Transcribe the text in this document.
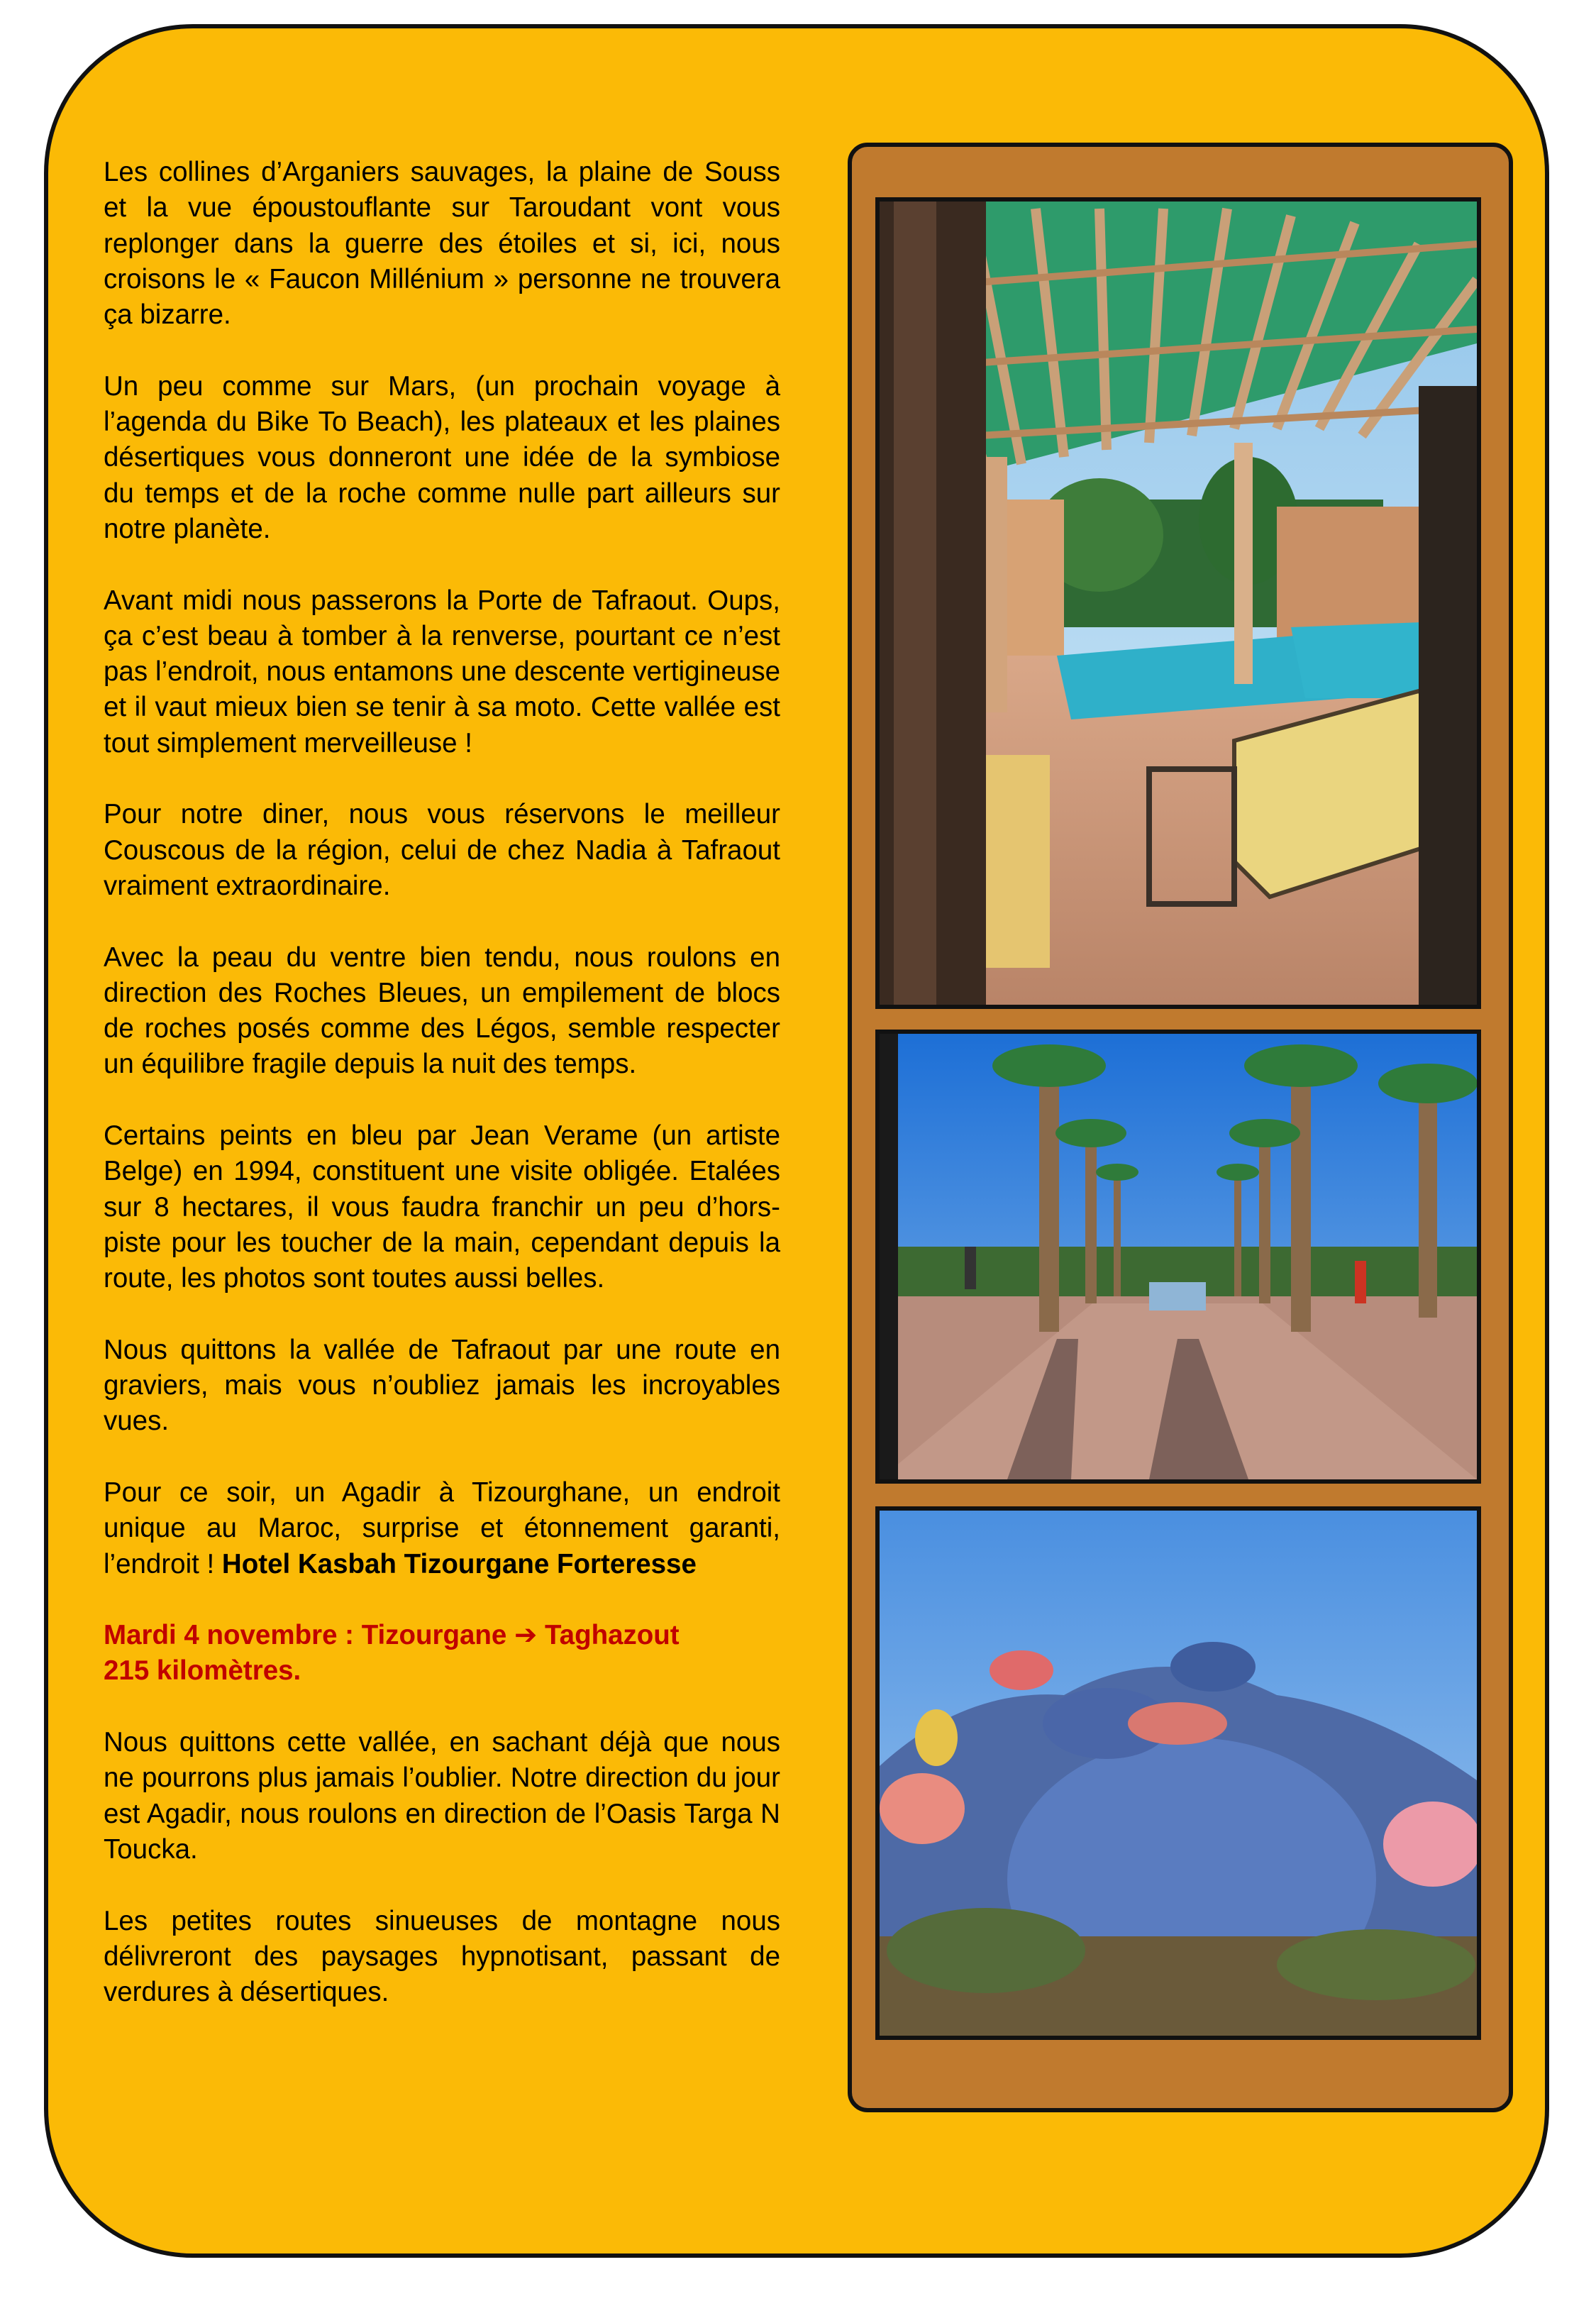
Les collines d’Arganiers sauvages, la plaine de Souss et la vue époustouflante sur Taroudant vont vous replonger dans la guerre des étoiles et si, ici, nous croisons le « Faucon Millénium » personne ne trouvera ça bizarre.

Un peu comme sur Mars, (un prochain voyage à l’agenda du Bike To Beach), les plateaux et les plaines désertiques vous donneront une idée de la symbiose du temps et de la roche comme nulle part ailleurs sur notre planète.

Avant midi nous passerons la Porte de Tafraout. Oups, ça c’est beau à tomber à la renverse, pourtant ce n’est pas l’endroit, nous entamons une descente vertigineuse et il vaut mieux bien se tenir à sa moto. Cette vallée est tout simplement merveilleuse !

Pour notre diner, nous vous réservons le meilleur Couscous de la région, celui de chez Nadia à Tafraout vraiment extraordinaire.

Avec la peau du ventre bien tendu, nous roulons en direction des Roches Bleues, un empilement de blocs de roches posés comme des Légos, semble respecter un équilibre fragile depuis la nuit des temps.

Certains peints en bleu par Jean Verame (un artiste Belge) en 1994, constituent une visite obligée. Etalées sur 8 hectares, il vous faudra franchir un peu d’hors-piste pour les toucher de la main, cependant depuis la route, les photos sont toutes aussi belles.

Nous quittons la vallée de Tafraout par une route en graviers, mais vous n’oubliez jamais les incroyables vues.

Pour ce soir, un Agadir à Tizourghane, un endroit unique au Maroc, surprise et étonnement garanti, l’endroit ! Hotel Kasbah Tizourgane Forteresse

Mardi 4 novembre : Tizourgane ➔ Taghazout
215 kilomètres.

Nous quittons cette vallée, en sachant déjà que nous ne pourrons plus jamais l’oublier. Notre direction du jour est Agadir, nous roulons en direction de l’Oasis Targa N Toucka.

Les petites routes sinueuses de montagne nous délivreront des paysages hypnotisant, passant de verdures à désertiques.
